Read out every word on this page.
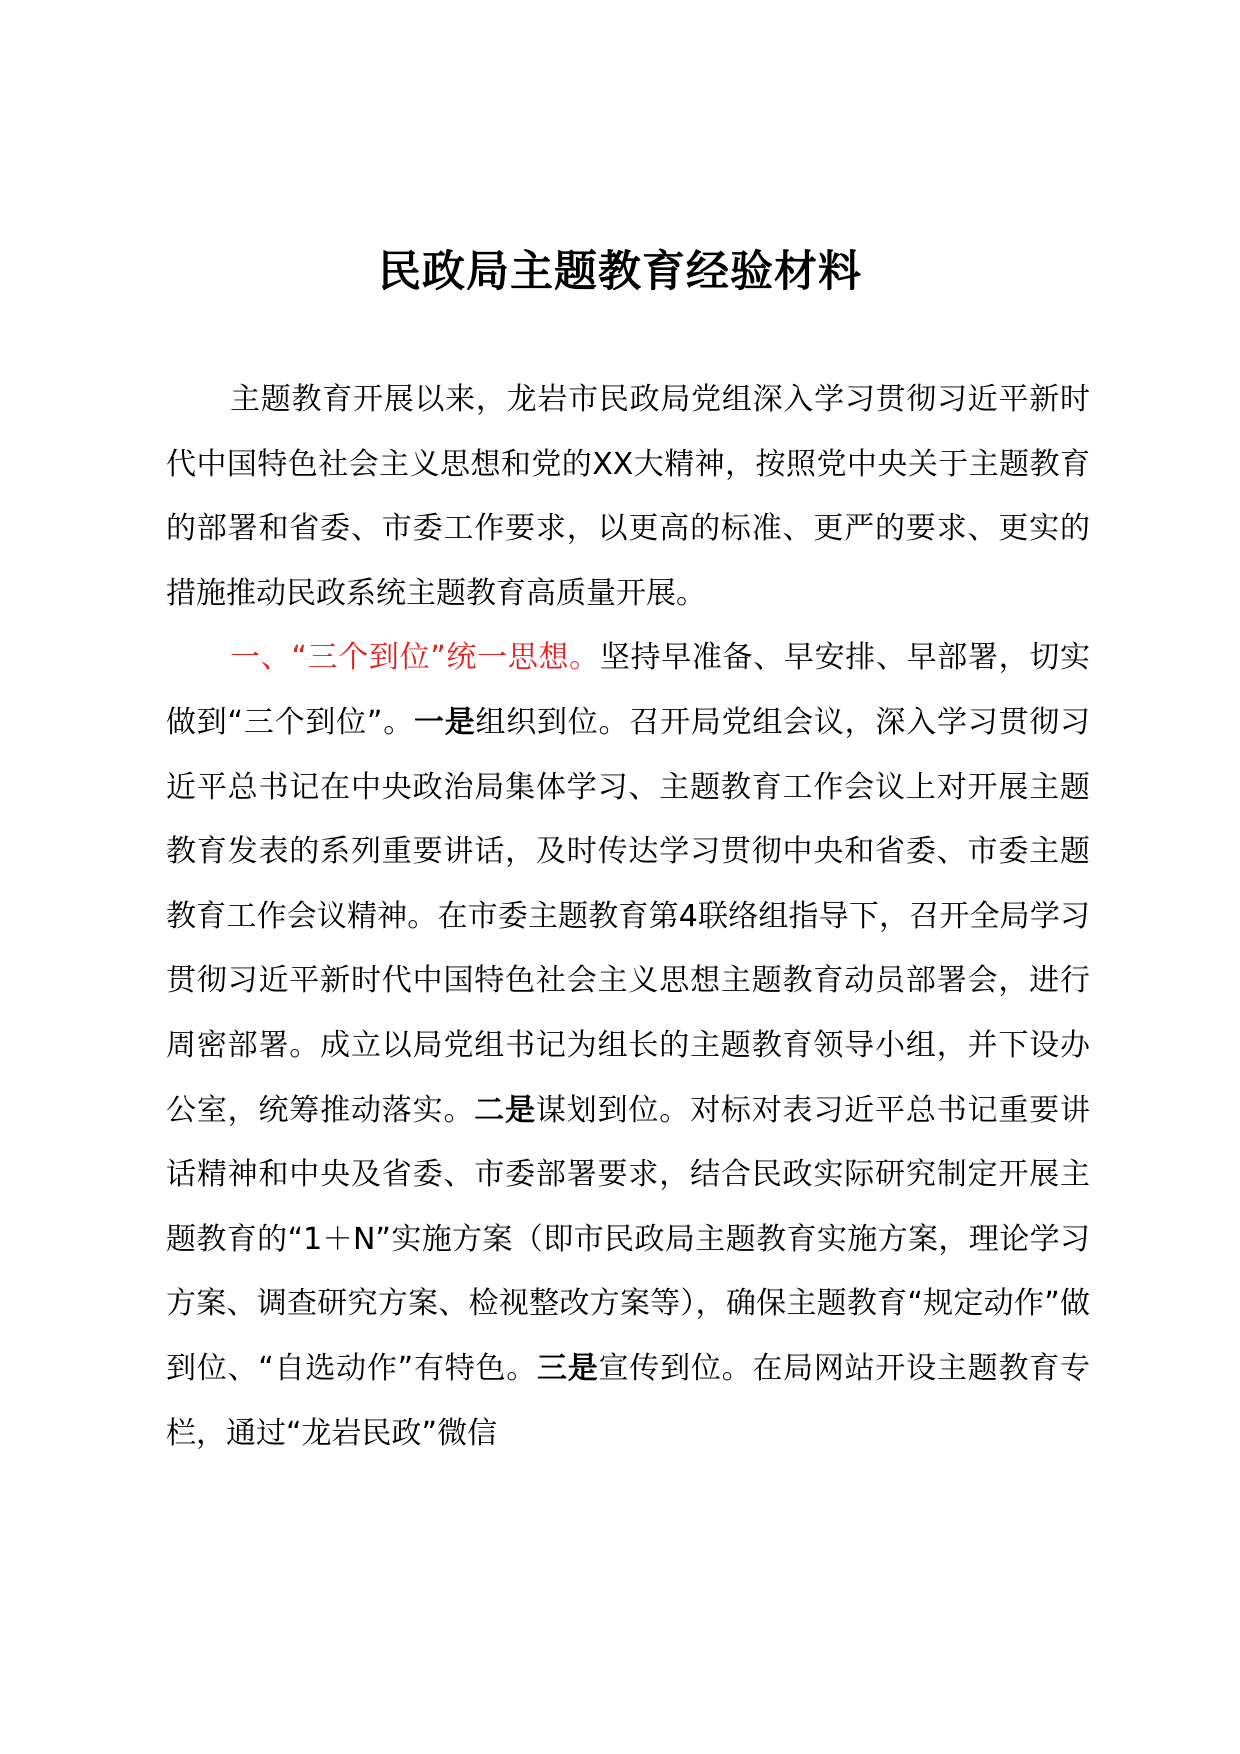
民政局主题教育经验材料

主题教育开展以来，龙岩市民政局党组深入学习贯彻习近平新时代中国特色社会主义思想和党的XX大精神，按照党中央关于主题教育的部署和省委、市委工作要求，以更高的标准、更严的要求、更实的措施推动民政系统主题教育高质量开展。

一、“三个到位”统一思想。坚持早准备、早安排、早部署，切实做到“三个到位”。一是组织到位。召开局党组会议，深入学习贯彻习近平总书记在中央政治局集体学习、主题教育工作会议上对开展主题教育发表的系列重要讲话，及时传达学习贯彻中央和省委、市委主题教育工作会议精神。在市委主题教育第4联络组指导下，召开全局学习贯彻习近平新时代中国特色社会主义思想主题教育动员部署会，进行周密部署。成立以局党组书记为组长的主题教育领导小组，并下设办公室，统筹推动落实。二是谋划到位。对标对表习近平总书记重要讲话精神和中央及省委、市委部署要求，结合民政实际研究制定开展主题教育的“1＋N”实施方案（即市民政局主题教育实施方案，理论学习方案、调查研究方案、检视整改方案等），确保主题教育“规定动作”做到位、“自选动作”有特色。三是宣传到位。在局网站开设主题教育专栏，通过“龙岩民政”微信
